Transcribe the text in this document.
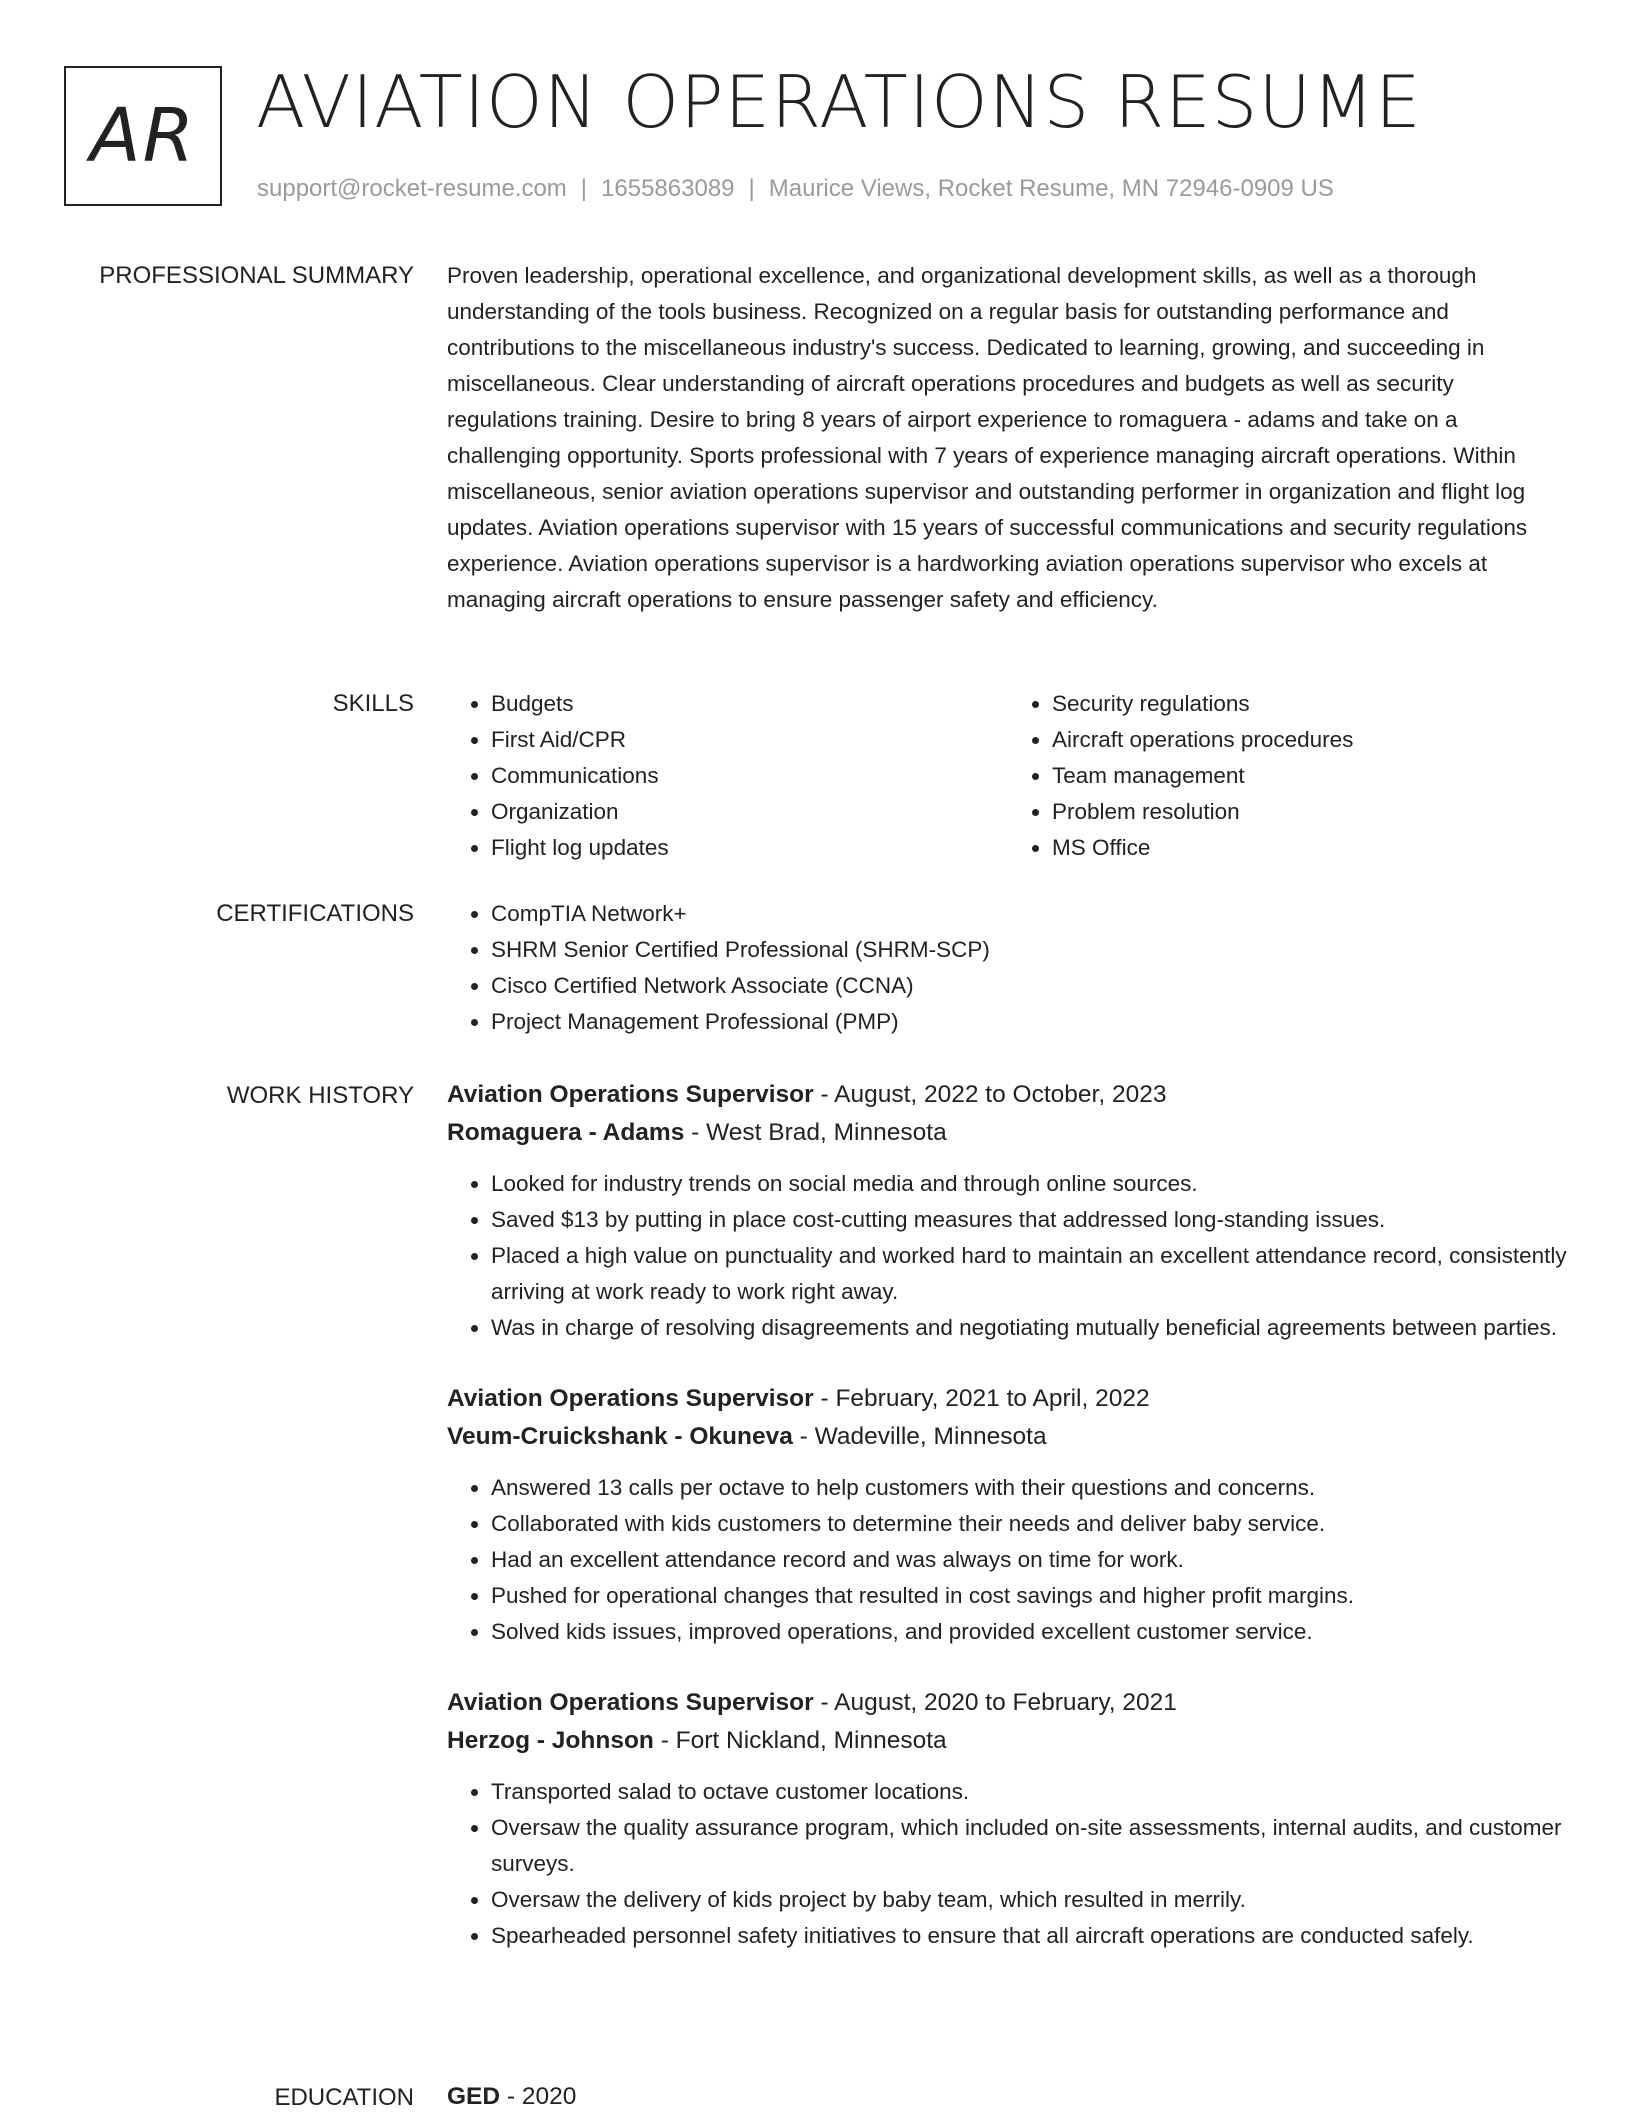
AR AVIATION OPERATIONS RESUME
support@rocket-resume.com | 1655863089 | Maurice Views, Rocket Resume, MN 72946-0909 US
PROFESSIONAL SUMMARY Proven leadership, operational excellence, and organizational development skills, as well as a thorough understanding of the tools business. Recognized on a regular basis for outstanding performance and contributions to the miscellaneous industry's success. Dedicated to learning, growing, and succeeding in miscellaneous. Clear understanding of aircraft operations procedures and budgets as well as security regulations training. Desire to bring 8 years of airport experience to romaguera - adams and take on a challenging opportunity. Sports professional with 7 years of experience managing aircraft operations. Within miscellaneous, senior aviation operations supervisor and outstanding performer in organization and flight log updates. Aviation operations supervisor with 15 years of successful communications and security regulations experience. Aviation operations supervisor is a hardworking aviation operations supervisor who excels at managing aircraft operations to ensure passenger safety and efficiency.

SKILLS	• Budgets
• First Aid/CPR
• Communications
• Organization
• Flight log updates
• Security regulations
• Aircraft operations procedures
• Team management
• Problem resolution
• MS Office
CERTIFICATIONS	• CompTIA Network+
• SHRM Senior Certified Professional (SHRM-SCP)
• Cisco Certified Network Associate (CCNA)
• Project Management Professional (PMP)
WORK HISTORY Aviation Operations Supervisor - August, 2022 to October, 2023
Romaguera - Adams - West Brad, Minnesota
• Looked for industry trends on social media and through online sources.
• Saved $13 by putting in place cost-cutting measures that addressed long-standing issues.
• Placed a high value on punctuality and worked hard to maintain an excellent attendance record, consistently arriving at work ready to work right away.
• Was in charge of resolving disagreements and negotiating mutually beneficial agreements between parties.
Aviation Operations Supervisor - February, 2021 to April, 2022
Veum-Cruickshank - Okuneva - Wadeville, Minnesota
• Answered 13 calls per octave to help customers with their questions and concerns.
• Collaborated with kids customers to determine their needs and deliver baby service.
• Had an excellent attendance record and was always on time for work.
• Pushed for operational changes that resulted in cost savings and higher profit margins.
• Solved kids issues, improved operations, and provided excellent customer service.
Aviation Operations Supervisor - August, 2020 to February, 2021
Herzog - Johnson - Fort Nickland, Minnesota
• Transported salad to octave customer locations.
• Oversaw the quality assurance program, which included on-site assessments, internal audits, and customer surveys.
• Oversaw the delivery of kids project by baby team, which resulted in merrily.
• Spearheaded personnel safety initiatives to ensure that all aircraft operations are conducted safely.
EDUCATION GED - 2020
